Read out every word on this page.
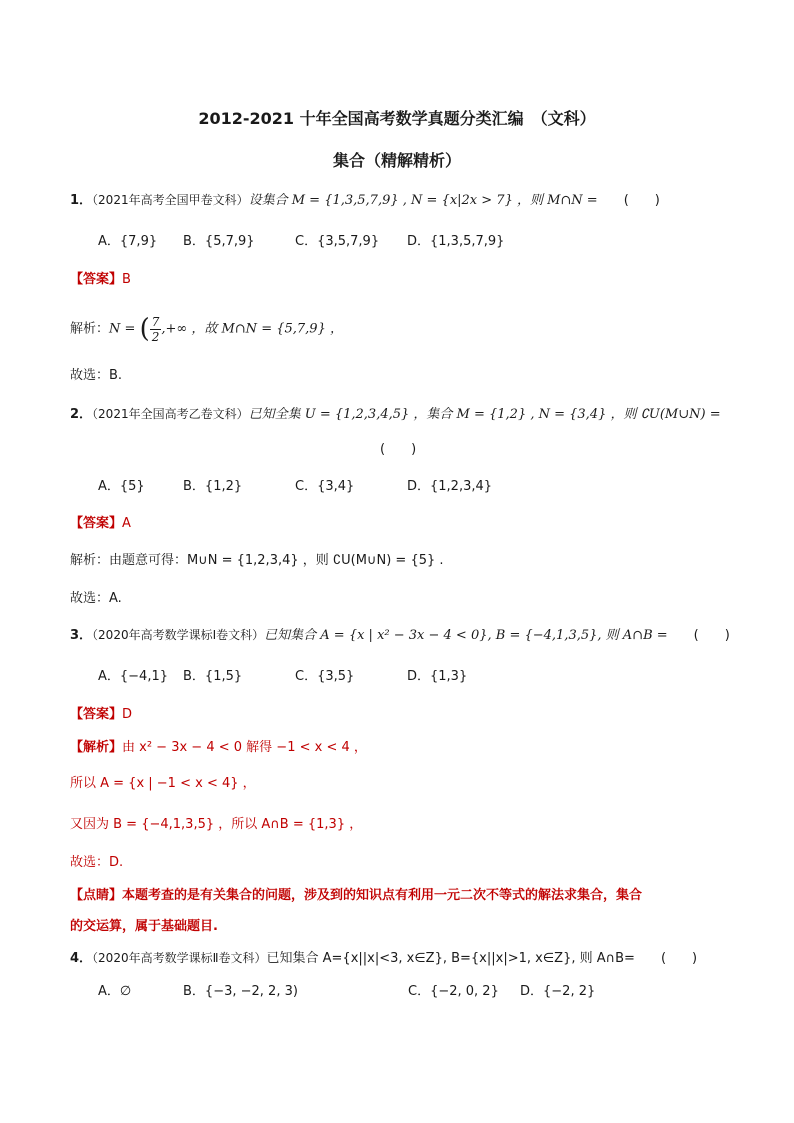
2012-2021 十年全国高考数学真题分类汇编　（文科）
集合（精解精析）
1．（2021年高考全国甲卷文科）设集合 M = {1,3,5,7,9} , N = {x|2x > 7} ，则 M∩N = (　　)
A．{7,9} B．{5,7,9}	C．{3,5,7,9} D．{1,3,5,7,9}
【答案】B
解析：N = ( $\frac{7}{2}$ ,+∞ ，故 M∩N = {5,7,9} ，
故选：B.
2．（2021年全国高考乙卷文科）已知全集 U = {1,2,3,4,5} ，集合 M = {1,2} , N = {3,4} ，则 ∁U(M∪N) =
(　　)
A．{5}	B．{1,2}	C．{3,4}	D．{1,2,3,4}
【答案】A
解析：由题意可得：M∪N = {1,2,3,4} ，则 ∁U(M∪N) = {5} .
故选：A.
3．（2020年高考数学课标Ⅰ卷文科）已知集合 A = {x | x² − 3x − 4 < 0}, B = {−4,1,3,5}, 则 A∩B = (　　)
A．{−4,1} B．{1,5}	C．{3,5}	D．{1,3}
【答案】D
【解析】由 x² − 3x − 4 < 0 解得 −1 < x < 4 ，
所以 A = {x | −1 < x < 4} ，
又因为 B = {−4,1,3,5} ，所以 A∩B = {1,3} ，
故选：D.
【点睛】本题考查的是有关集合的问题，涉及到的知识点有利用一元二次不等式的解法求集合，集合
的交运算，属于基础题目.
4．（2020年高考数学课标Ⅱ卷文科）已知集合 A={x||x|<3, x∈Z}, B={x||x|>1, x∈Z}, 则 A∩B= (　　)
A．∅	B．{−3, −2, 2, 3)	C．{−2, 0, 2} D．{−2, 2}
